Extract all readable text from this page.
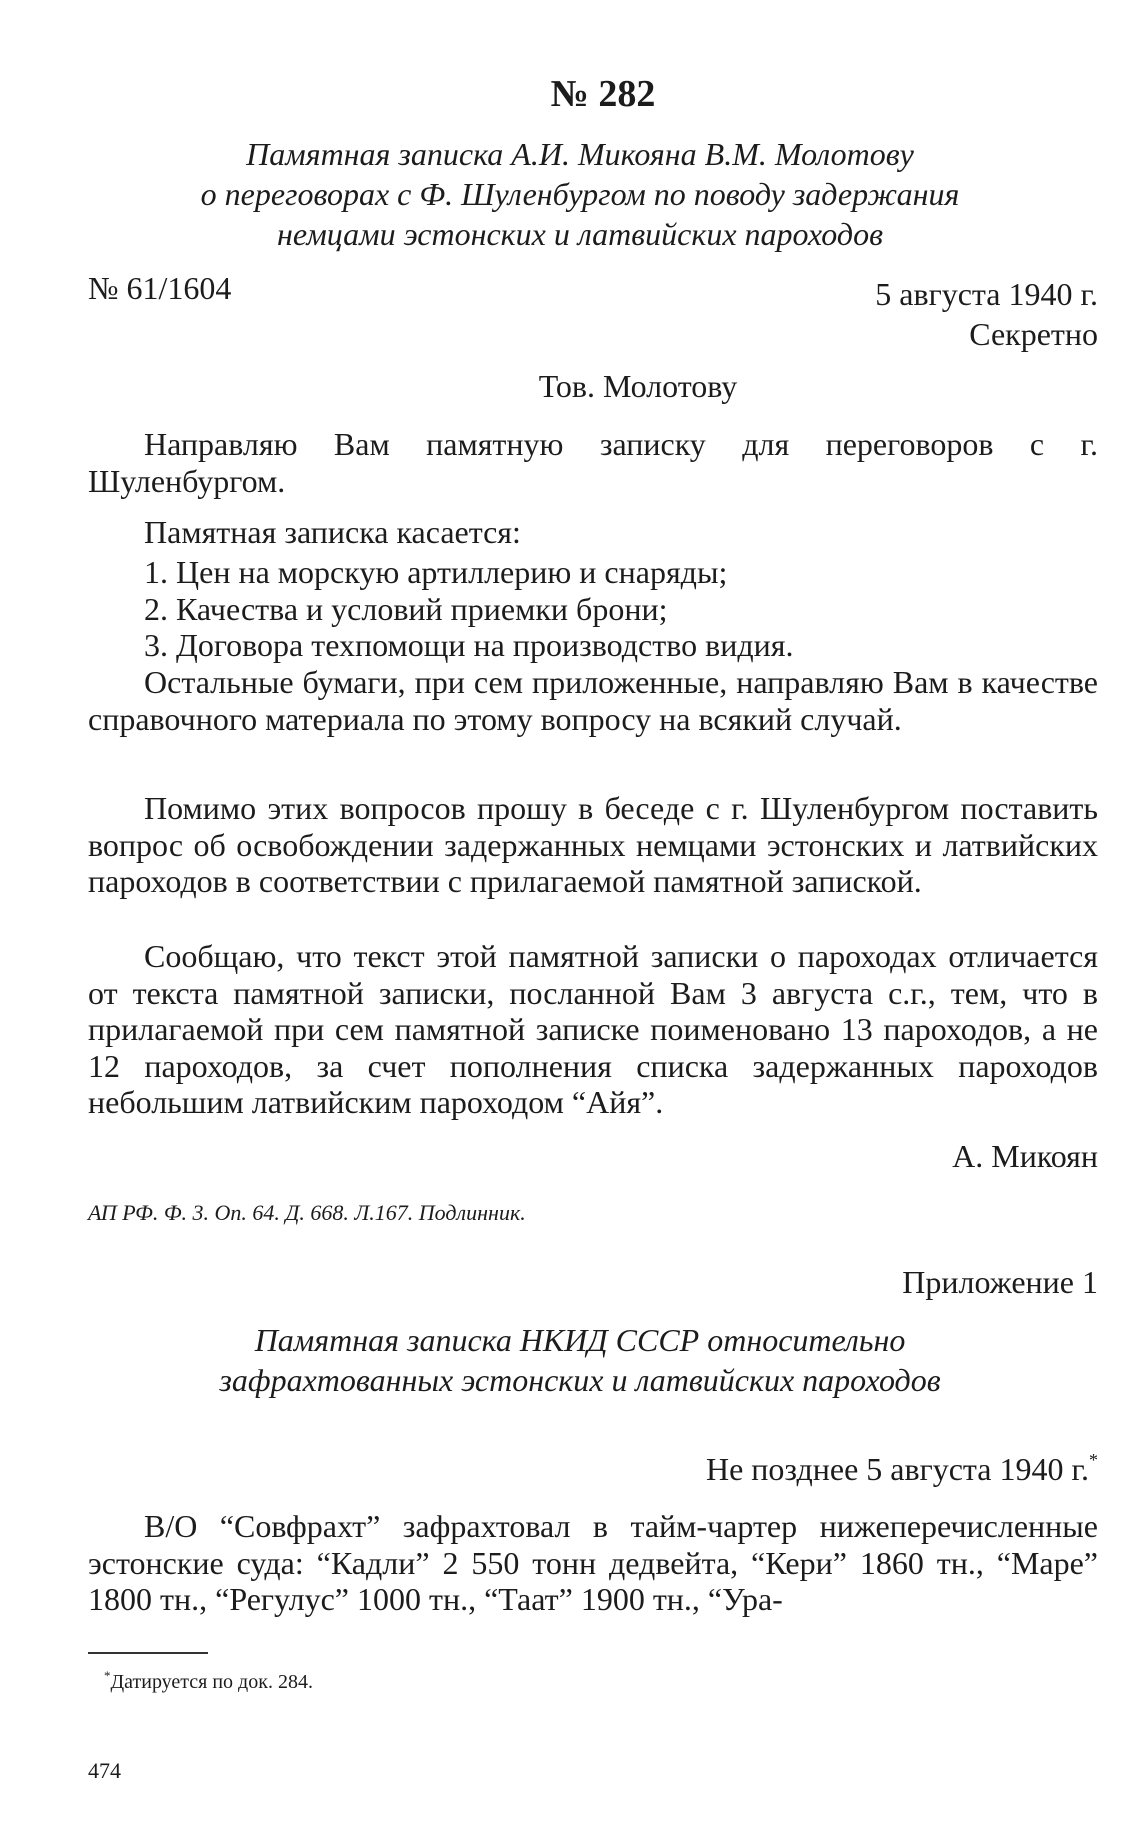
№ 282
Памятная записка А.И. Микояна В.М. Молотову
о переговорах с Ф. Шуленбургом по поводу задержания
немцами эстонских и латвийских пароходов
№ 61/1604	5 августа 1940 г.
Секретно
Тов. Молотову
Направляю Вам памятную записку для переговоров с г. Шуленбургом.
Памятная записка касается:
1. Цен на морскую артиллерию и снаряды;
2. Качества и условий приемки брони;
3. Договора техпомощи на производство видия.
Остальные бумаги, при сем приложенные, направляю Вам в качестве справочного материала по этому вопросу на всякий случай.
Помимо этих вопросов прошу в беседе с г. Шуленбургом поставить вопрос об освобождении задержанных немцами эстонских и латвийских пароходов в соответствии с прилагаемой памятной запиской.
Сообщаю, что текст этой памятной записки о пароходах отличается от текста памятной записки, посланной Вам 3 августа с.г., тем, что в прилагаемой при сем памятной записке поименовано 13 пароходов, а не 12 пароходов, за счет пополнения списка задержанных пароходов небольшим латвийским пароходом “Айя”.
А. Микоян
АП РФ. Ф. 3. Оп. 64. Д. 668. Л.167. Подлинник.
Приложение 1
Памятная записка НКИД СССР относительно
зафрахтованных эстонских и латвийских пароходов
Не позднее 5 августа 1940 г.*
В/О “Совфрахт” зафрахтовал в тайм-чартер нижеперечисленные эстонские суда: “Кадли” 2 550 тонн дедвейта, “Кери” 1860 тн., “Маре” 1800 тн., “Регулус” 1000 тн., “Таат” 1900 тн., “Ура-
*Датируется по док. 284.
474
